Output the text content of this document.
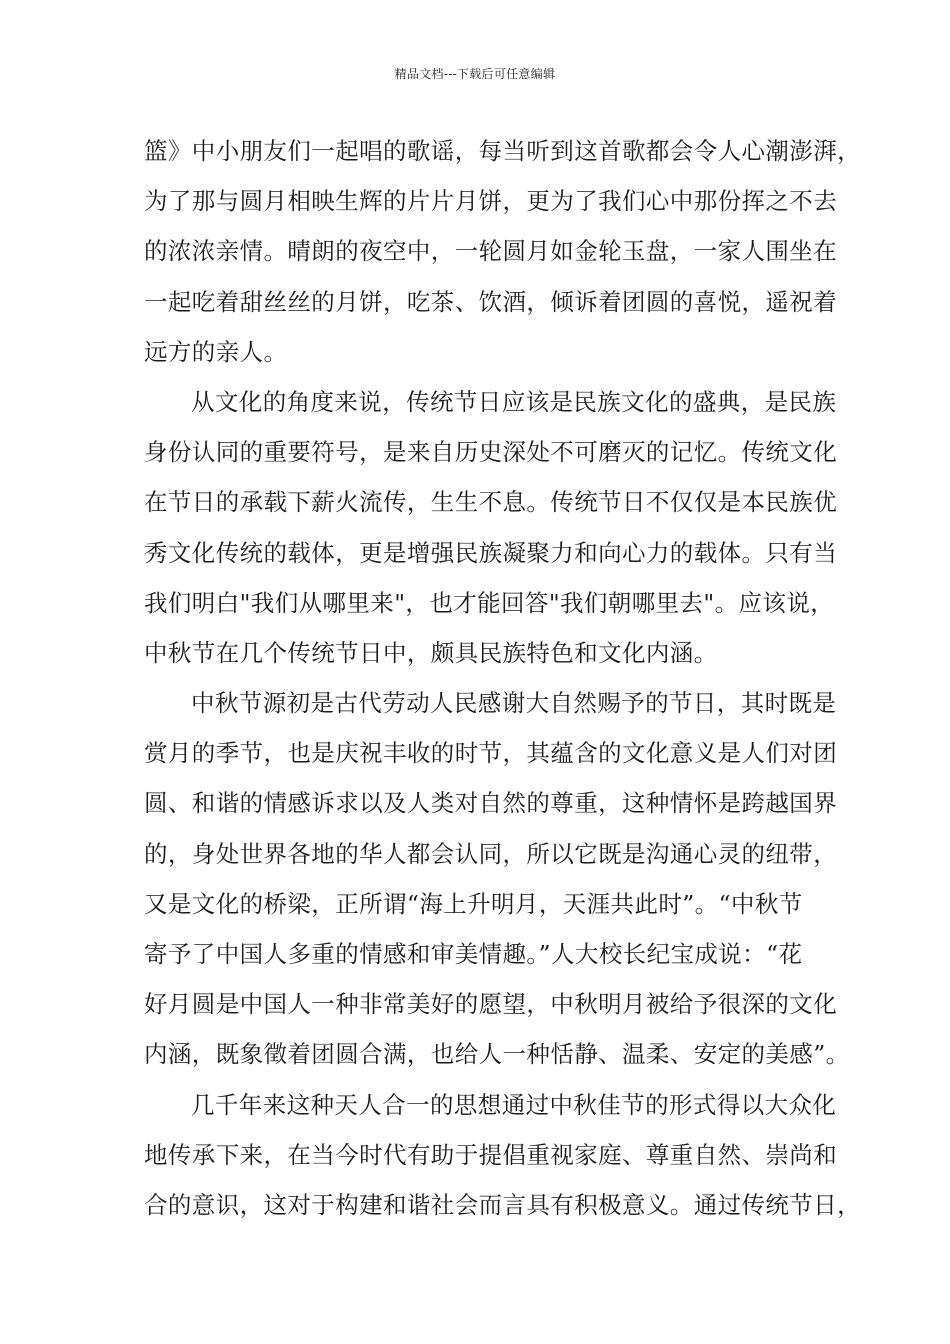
精品文档---下载后可任意编辑
篮》中小朋友们一起唱的歌谣，每当听到这首歌都会令人心潮澎湃，
为了那与圆月相映生辉的片片月饼，更为了我们心中那份挥之不去
的浓浓亲情。晴朗的夜空中，一轮圆月如金轮玉盘，一家人围坐在
一起吃着甜丝丝的月饼，吃茶、饮酒，倾诉着团圆的喜悦，遥祝着
远方的亲人。
从文化的角度来说，传统节日应该是民族文化的盛典，是民族
身份认同的重要符号，是来自历史深处不可磨灭的记忆。传统文化
在节日的承载下薪火流传，生生不息。传统节日不仅仅是本民族优
秀文化传统的载体，更是增强民族凝聚力和向心力的载体。只有当
我们明白"我们从哪里来"，也才能回答"我们朝哪里去"。应该说，
中秋节在几个传统节日中，颇具民族特色和文化内涵。
中秋节源初是古代劳动人民感谢大自然赐予的节日，其时既是
赏月的季节，也是庆祝丰收的时节，其蕴含的文化意义是人们对团
圆、和谐的情感诉求以及人类对自然的尊重，这种情怀是跨越国界
的，身处世界各地的华人都会认同，所以它既是沟通心灵的纽带，
又是文化的桥梁，正所谓“海上升明月，天涯共此时”。“中秋节
寄予了中国人多重的情感和审美情趣。”人大校长纪宝成说：“花
好月圆是中国人一种非常美好的愿望，中秋明月被给予很深的文化
内涵，既象徵着团圆合满，也给人一种恬静、温柔、安定的美感”。
几千年来这种天人合一的思想通过中秋佳节的形式得以大众化
地传承下来，在当今时代有助于提倡重视家庭、尊重自然、崇尚和
合的意识，这对于构建和谐社会而言具有积极意义。通过传统节日，
